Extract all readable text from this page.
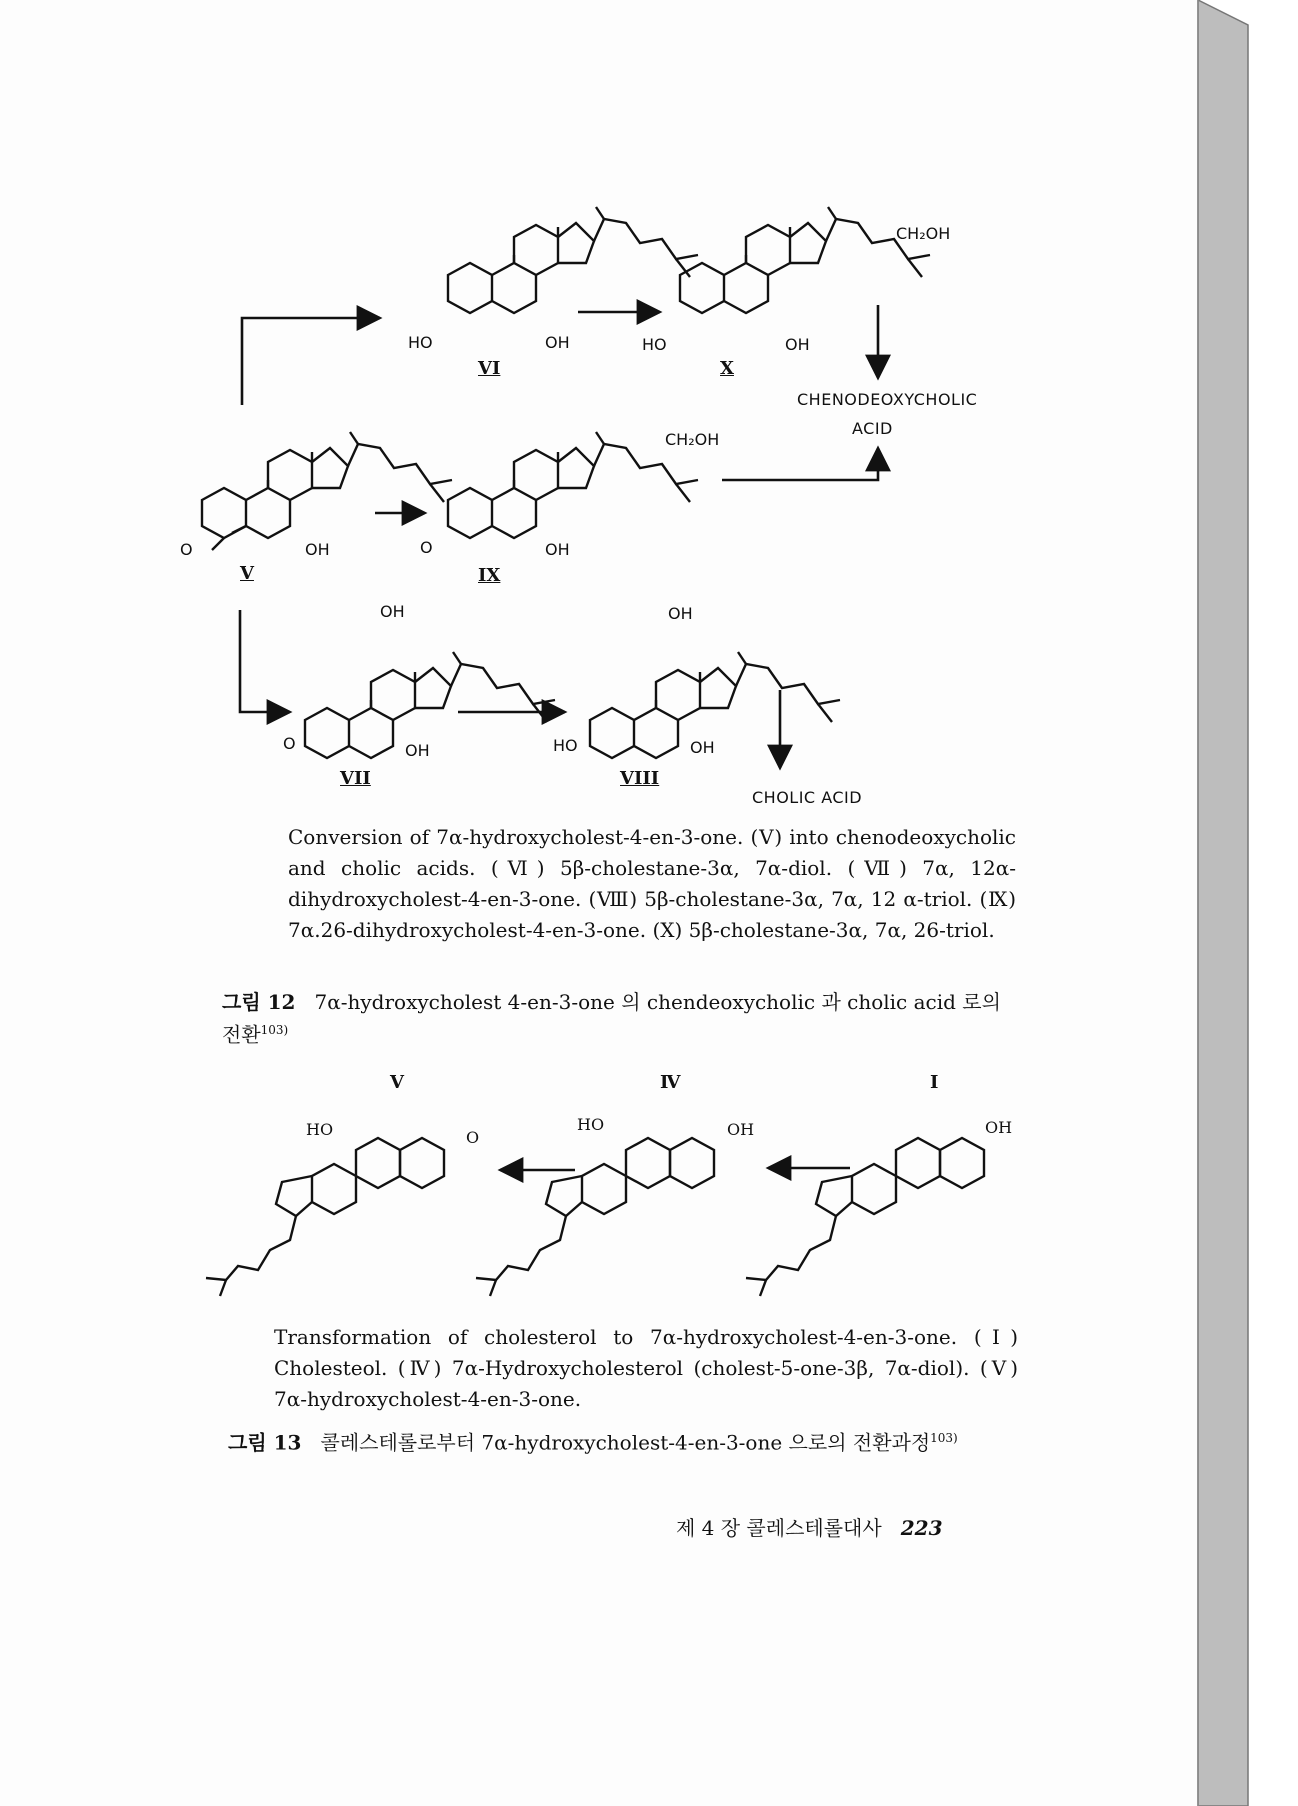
HO	OH
VI
HO	OH
X
CH₂OH
CHENODEOXYCHOLIC
ACID
O	OH
V
O	OH
IX
CH₂OH
OH
O	OH
VII
OH
HO	OH
VIII
CHOLIC ACID
Conversion of 7α-hydroxycholest-4-en-3-one. (Ⅴ) into chenodeoxycholic and cholic acids. (Ⅵ) 5β-cholestane-3α, 7α-diol. (Ⅶ) 7α, 12α-dihydroxycholest-4-en-3-one. (Ⅷ) 5β-cholestane-3α, 7α, 12 α-triol. (Ⅸ) 7α.26-dihydroxycholest-4-en-3-one. (Ⅹ) 5β-cholestane-3α, 7α, 26-triol.
그림 12 7α-hydroxycholest 4-en-3-one 의 chendeoxycholic 과 cholic acid 로의 전환$^{103)}$
Ⅴ	Ⅳ	I
HO	O
HO	OH	OH
Transformation of cholesterol to 7α-hydroxycholest-4-en-3-one. (Ⅰ) Cholesteol. (Ⅳ) 7α-Hydroxycholesterol (cholest-5-one-3β, 7α-diol). (Ⅴ) 7α-hydroxycholest-4-en-3-one.
그림 13 콜레스테롤로부터 7α-hydroxycholest-4-en-3-one 으로의 전환과정$^{103)}$
제 4 장 콜레스테롤대사 223
